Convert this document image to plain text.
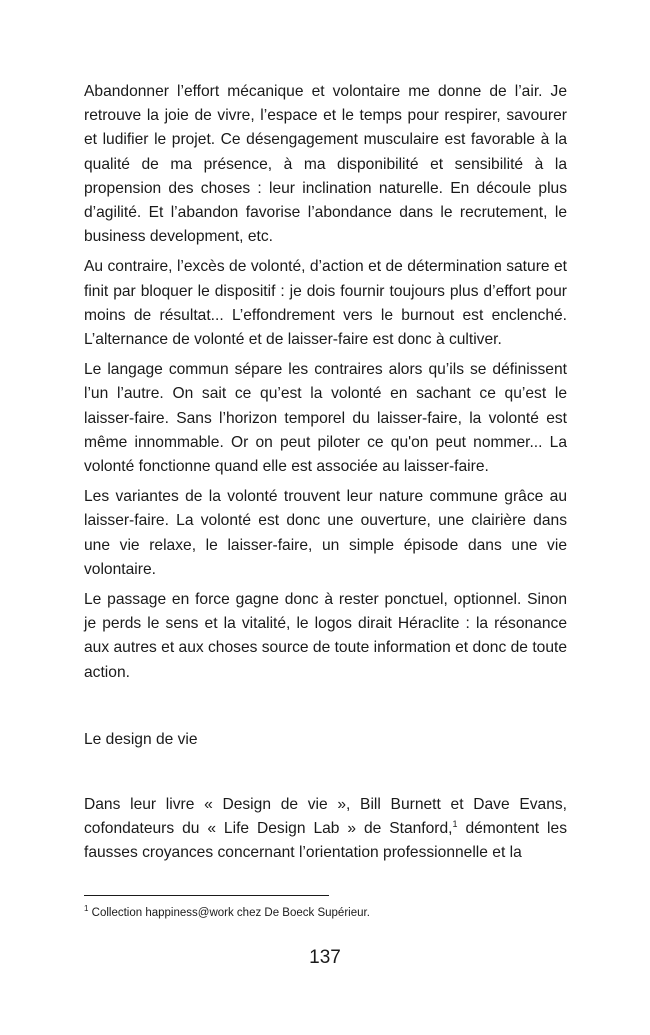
Abandonner l’effort mécanique et volontaire me donne de l’air. Je retrouve la joie de vivre, l’espace et le temps pour respirer, savourer et ludifier le projet. Ce désengagement musculaire est favorable à la qualité de ma présence, à ma disponibilité et sensibilité à la propension des choses : leur inclination naturelle. En découle plus d’agilité. Et l’abandon favorise l’abondance dans le recrutement, le business development, etc.

Au contraire, l’excès de volonté, d’action et de détermination sature et finit par bloquer le dispositif : je dois fournir toujours plus d’effort pour moins de résultat... L’effondrement vers le burnout est enclenché. L’alternance de volonté et de laisser-faire est donc à cultiver.

Le langage commun sépare les contraires alors qu’ils se définissent l’un l’autre. On sait ce qu’est la volonté en sachant ce qu’est le laisser-faire. Sans l’horizon temporel du laisser-faire, la volonté est même innommable. Or on peut piloter ce qu'on peut nommer... La volonté fonctionne quand elle est associée au laisser-faire.

Les variantes de la volonté trouvent leur nature commune grâce au laisser-faire. La volonté est donc une ouverture, une clairière dans une vie relaxe, le laisser-faire, un simple épisode dans une vie volontaire.

Le passage en force gagne donc à rester ponctuel, optionnel. Sinon je perds le sens et la vitalité, le logos dirait Héraclite : la résonance aux autres et aux choses source de toute information et donc de toute action.

Le design de vie

Dans leur livre « Design de vie », Bill Burnett et Dave Evans, cofondateurs du « Life Design Lab » de Stanford,$^1$ démontent les fausses croyances concernant l’orientation professionnelle et la

$^1$ Collection happiness@work chez De Boeck Supérieur.
137
